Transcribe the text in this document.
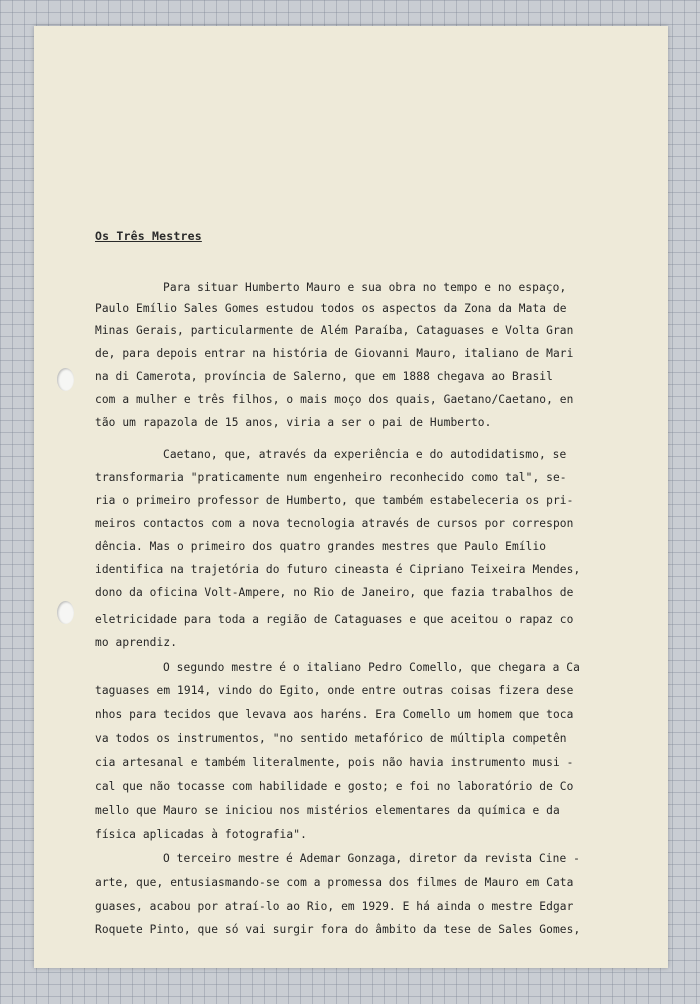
Os Três Mestres
Para situar Humberto Mauro e sua obra no tempo e no espaço,
Paulo Emílio Sales Gomes estudou todos os aspectos da Zona da Mata de
Minas Gerais, particularmente de Além Paraíba, Cataguases e Volta Gran
de, para depois entrar na história de Giovanni Mauro, italiano de Mari
na di Camerota, província de Salerno, que em 1888 chegava ao Brasil
com a mulher e três filhos, o mais moço dos quais, Gaetano/Caetano, en
tão um rapazola de 15 anos, viria a ser o pai de Humberto.
Caetano, que, através da experiência e do autodidatismo, se
transformaria "praticamente num engenheiro reconhecido como tal", se-
ria o primeiro professor de Humberto, que também estabeleceria os pri-
meiros contactos com a nova tecnologia através de cursos por correspon
dência. Mas o primeiro dos quatro grandes mestres que Paulo Emílio
identifica na trajetória do futuro cineasta é Cipriano Teixeira Mendes,
dono da oficina Volt-Ampere, no Rio de Janeiro, que fazia trabalhos de
eletricidade para toda a região de Cataguases e que aceitou o rapaz co
mo aprendiz.
O segundo mestre é o italiano Pedro Comello, que chegara a Ca
taguases em 1914, vindo do Egito, onde entre outras coisas fizera dese
nhos para tecidos que levava aos haréns. Era Comello um homem que toca
va todos os instrumentos, "no sentido metafórico de múltipla competên
cia artesanal e também literalmente, pois não havia instrumento musi -
cal que não tocasse com habilidade e gosto; e foi no laboratório de Co
mello que Mauro se iniciou nos mistérios elementares da química e da
física aplicadas à fotografia".
O terceiro mestre é Ademar Gonzaga, diretor da revista Cine -
arte, que, entusiasmando-se com a promessa dos filmes de Mauro em Cata
guases, acabou por atraí-lo ao Rio, em 1929. E há ainda o mestre Edgar
Roquete Pinto, que só vai surgir fora do âmbito da tese de Sales Gomes,
